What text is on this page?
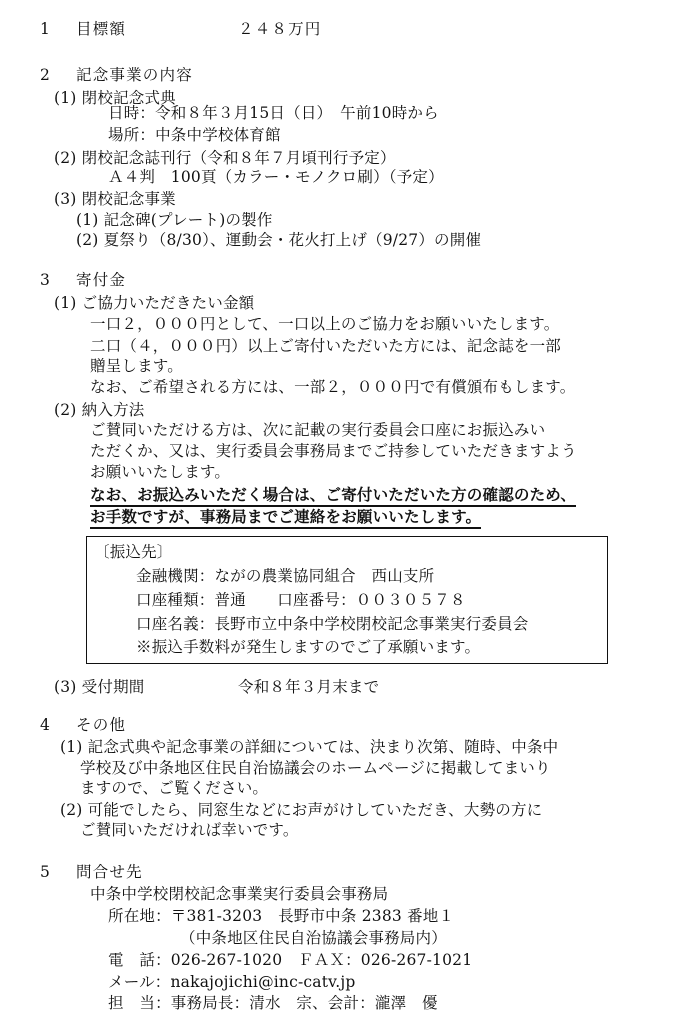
1 目標額	２４８万円
2 記念事業の内容
(1) 閉校記念式典
日時：令和８年３月15日（日）　午前10時から
場所：中条中学校体育館
(2) 閉校記念誌刊行（令和８年７月頃刊行予定）
Ａ４判　100頁（カラー・モノクロ刷）（予定）
(3) 閉校記念事業
(1) 記念碑(プレート)の製作
(2) 夏祭り（8/30）、運動会・花火打上げ（9/27）の開催
3 寄付金
(1) ご協力いただきたい金額
一口２，０００円として、一口以上のご協力をお願いいたします。
二口（４，０００円）以上ご寄付いただいた方には、記念誌を一部
贈呈します。
なお、ご希望される方には、一部２，０００円で有償頒布もします。
(2) 納入方法
ご賛同いただける方は、次に記載の実行委員会口座にお振込みい
ただくか、又は、実行委員会事務局までご持参していただきますよう
お願いいたします。
なお、お振込みいただく場合は、ご寄付いただいた方の確認のため、
お手数ですが、事務局までご連絡をお願いいたします。
〔振込先〕
金融機関：ながの農業協同組合　西山支所
口座種類：普通　　口座番号：００３０５７８
口座名義：長野市立中条中学校閉校記念事業実行委員会
※振込手数料が発生しますのでご了承願います。
(3) 受付期間	令和８年３月末まで
4 その他
(1) 記念式典や記念事業の詳細については、決まり次第、随時、中条中
学校及び中条地区住民自治協議会のホームページに掲載してまいり
ますので、ご覧ください。
(2) 可能でしたら、同窓生などにお声がけしていただき、大勢の方に
ご賛同いただければ幸いです。
5 問合せ先
中条中学校閉校記念事業実行委員会事務局
所在地：〒381-3203　長野市中条 2383 番地１
（中条地区住民自治協議会事務局内）
電　話：026-267-1020　ＦＡＸ：026-267-1021
メール：nakajojichi@inc-catv.jp
担　当：事務局長：清水　宗、会計：瀧澤　優
